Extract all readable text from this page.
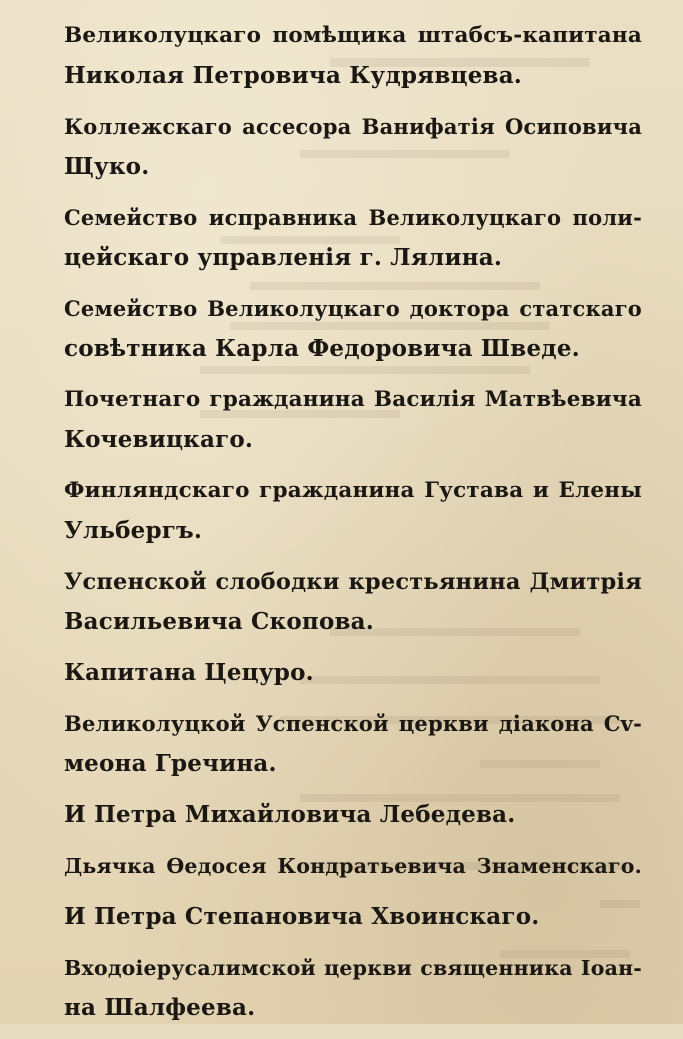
Великолуцкаго помѣщика штабсъ-капитана
Николая Петровича Кудрявцева.
Коллежскаго ассесора Ванифатія Осиповича
Щуко.
Семейство исправника Великолуцкаго поли-
цейскаго управленія г. Лялина.
Семейство Великолуцкаго доктора статскаго
совѣтника Карла Федоровича Шведе.
Почетнаго гражданина Василія Матвѣевича
Кочевицкаго.
Финляндскаго гражданина Густава и Елены
Ульбергъ.
Успенской слободки крестьянина Дмитрія
Васильевича Скопова.
Капитана Цецуро.
Великолуцкой Успенской церкви діакона Сv-
меона Гречина.
И Петра Михайловича Лебедева.
Дьячка Ѳедосея Кондратьевича Знаменскаго.
И Петра Степановича Хвоинскаго.
Входоіерусалимской церкви священника Іоан-
на Шалфеева.
